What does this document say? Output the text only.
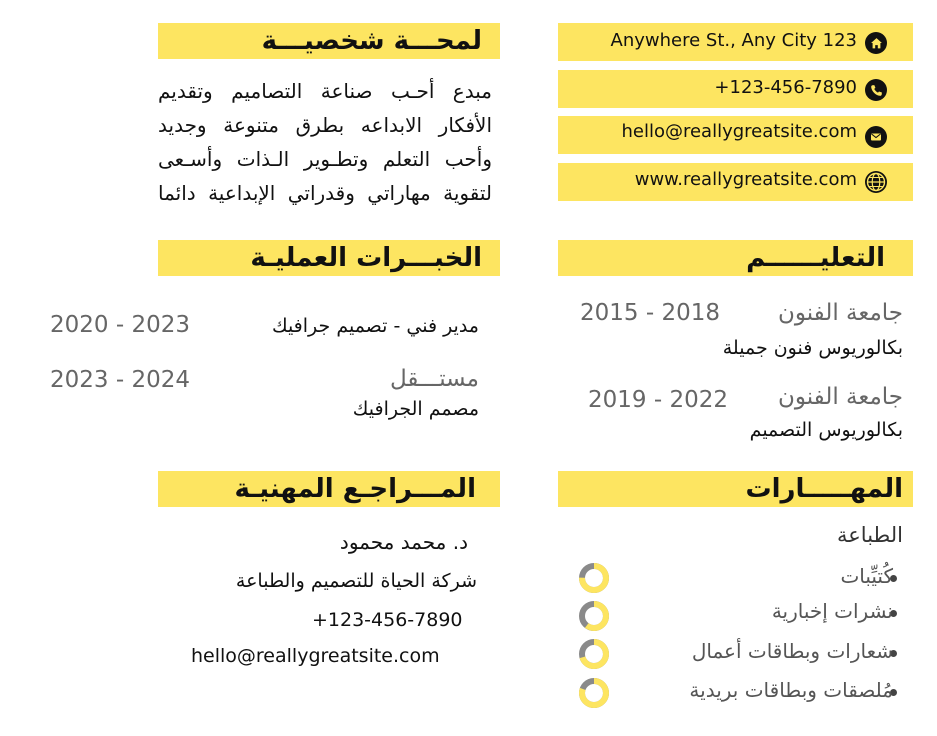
لمحـــة شخصيـــة
مبدع أحـب صناعة التصاميم وتقديم الأفكار الابداعه بطرق متنوعة وجديد وأحب التعلم وتطـوير الـذات وأسـعى لتقوية مهاراتي وقدراتي الإبداعية دائما
Anywhere St., Any City 123
+123-456-7890
hello@reallygreatsite.com
www.reallygreatsite.com
الخبـــرات العمليـة
مدير فني - تصميم جرافيك
2020 - 2023
مستـــقل
مصمم الجرافيك
2023 - 2024
التعليــــــم
جامعة الفنون
2015 - 2018
بكالوريوس فنون جميلة
جامعة الفنون
2019 - 2022
بكالوريوس التصميم
المـــراجـع المهنيـة
د. محمد محمود
شركة الحياة للتصميم والطباعة
+123-456-7890
hello@reallygreatsite.com
المهـــــارات
الطباعة
كُتيِّبات
نشرات إخبارية
شعارات وبطاقات أعمال
مُلصقات وبطاقات بريدية
